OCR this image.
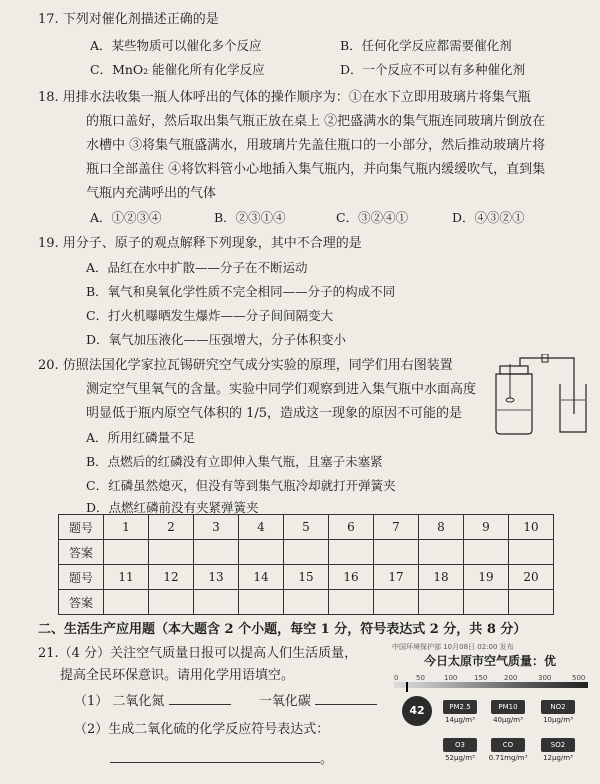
17. 下列对催化剂描述正确的是
A．某些物质可以催化多个反应	B．任何化学反应都需要催化剂
C．MnO₂ 能催化所有化学反应	D．一个反应不可以有多种催化剂
18. 用排水法收集一瓶人体呼出的气体的操作顺序为：①在水下立即用玻璃片将集气瓶
的瓶口盖好，然后取出集气瓶正放在桌上 ②把盛满水的集气瓶连同玻璃片倒放在
水槽中 ③将集气瓶盛满水，用玻璃片先盖住瓶口的一小部分，然后推动玻璃片将
瓶口全部盖住 ④将饮料管小心地插入集气瓶内，并向集气瓶内缓缓吹气，直到集
气瓶内充满呼出的气体
A．①②③④	B．②③①④	C．③②④①	D．④③②①
19. 用分子、原子的观点解释下列现象，其中不合理的是
A．品红在水中扩散——分子在不断运动
B．氧气和臭氧化学性质不完全相同——分子的构成不同
C．打火机曝晒发生爆炸——分子间间隔变大
D．氧气加压液化——压强增大，分子体积变小
20. 仿照法国化学家拉瓦锡研究空气成分实验的原理，同学们用右图装置
测定空气里氧气的含量。实验中同学们观察到进入集气瓶中水面高度
明显低于瓶内原空气体积的 1/5，造成这一现象的原因不可能的是
A．所用红磷量不足
B．点燃后的红磷没有立即伸入集气瓶，且塞子未塞紧
C．红磷虽然熄灭，但没有等到集气瓶冷却就打开弹簧夹
D．点燃红磷前没有夹紧弹簧夹
题号	1	2	3	4	5	6	7	8	9	10
答案										
题号	11	12	13	14	15	16	17	18	19	20
答案										
二、生活生产应用题（本大题含 2 个小题，每空 1 分，符号表达式 2 分，共 8 分）
21.（4 分）关注空气质量日报可以提高人们生活质量，
提高全民环保意识。请用化学用语填空。
（1） 二氧化氮	一氧化碳
（2）生成二氧化硫的化学反应符号表达式：
。
中国环境保护部 10月08日 02:00 发布
今日太原市空气质量：优
0	50	100 150 200	300	500
42	PM2.5
14μg/m³
PM10
40μg/m³
NO2
10μg/m³
O3
52μg/m³
CO
0.71mg/m³
SO2
12μg/m³
